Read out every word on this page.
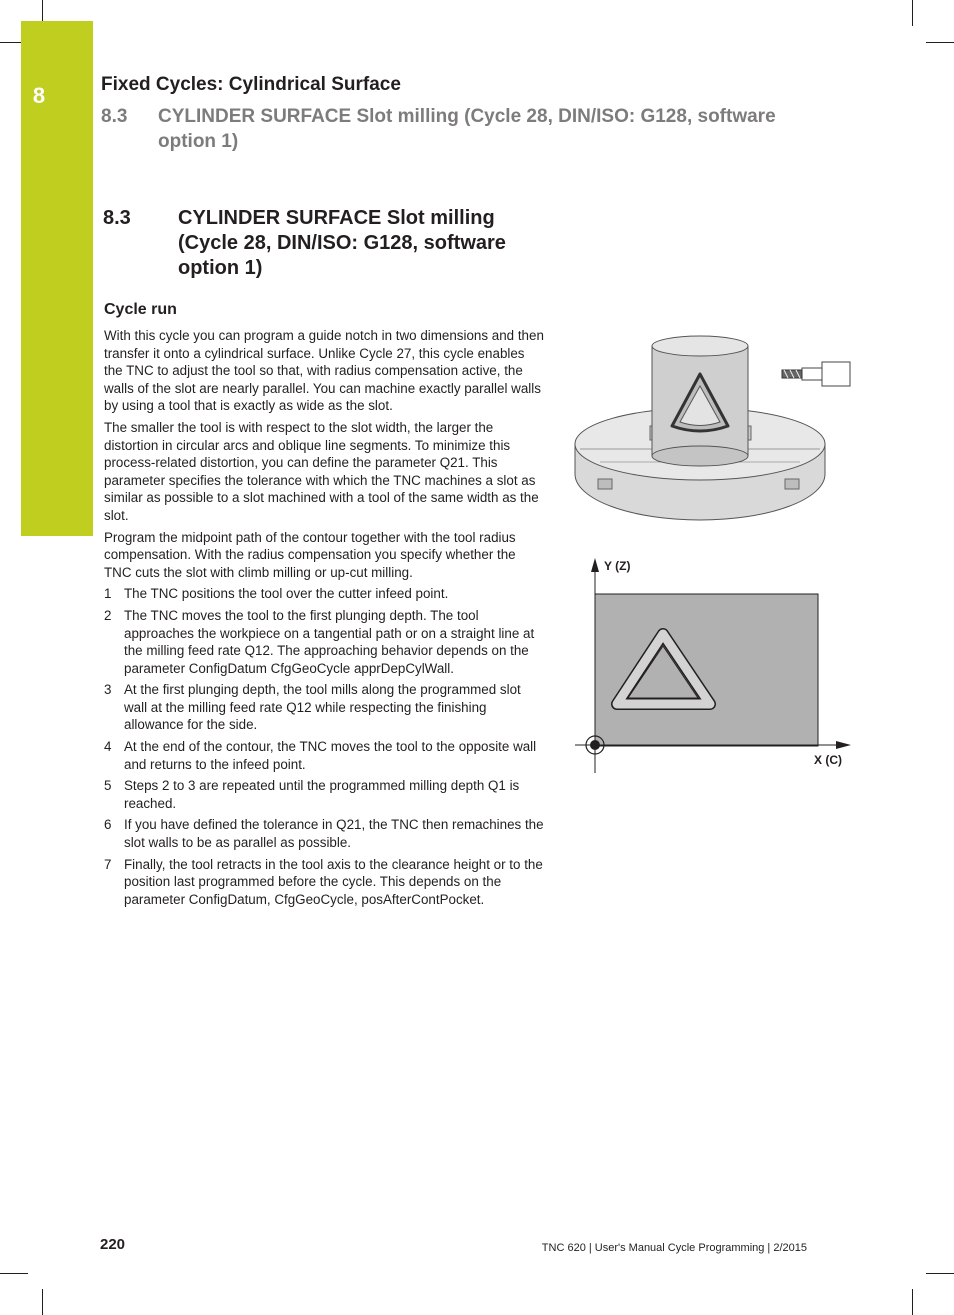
8	Fixed Cycles: Cylindrical Surface
8.3 CYLINDER SURFACE Slot milling (Cycle 28, DIN/ISO: G128, software option 1)
8.3 CYLINDER SURFACE Slot milling (Cycle 28, DIN/ISO: G128, software option 1)
Cycle run

With this cycle you can program a guide notch in two dimensions and then transfer it onto a cylindrical surface. Unlike Cycle 27, this cycle enables the TNC to adjust the tool so that, with radius compensation active, the walls of the slot are nearly parallel. You can machine exactly parallel walls by using a tool that is exactly as wide as the slot.

The smaller the tool is with respect to the slot width, the larger the distortion in circular arcs and oblique line segments. To minimize this process-related distortion, you can define the parameter Q21. This parameter specifies the tolerance with which the TNC machines a slot as similar as possible to a slot machined with a tool of the same width as the slot.

Program the midpoint path of the contour together with the tool radius compensation. With the radius compensation you specify whether the TNC cuts the slot with climb milling or up-cut milling.

1 The TNC positions the tool over the cutter infeed point.
2 The TNC moves the tool to the first plunging depth. The tool approaches the workpiece on a tangential path or on a straight line at the milling feed rate Q12. The approaching behavior depends on the parameter ConfigDatum CfgGeoCycle apprDepCylWall.
3 At the first plunging depth, the tool mills along the programmed slot wall at the milling feed rate Q12 while respecting the finishing allowance for the side.
4 At the end of the contour, the TNC moves the tool to the opposite wall and returns to the infeed point.
5 Steps 2 to 3 are repeated until the programmed milling depth Q1 is reached.
6 If you have defined the tolerance in Q21, the TNC then remachines the slot walls to be as parallel as possible.
7 Finally, the tool retracts in the tool axis to the clearance height or to the position last programmed before the cycle. This depends on the parameter ConfigDatum, CfgGeoCycle, posAfterContPocket.
Y (Z)
X (C)
220	TNC 620 | User's Manual Cycle Programming | 2/2015
